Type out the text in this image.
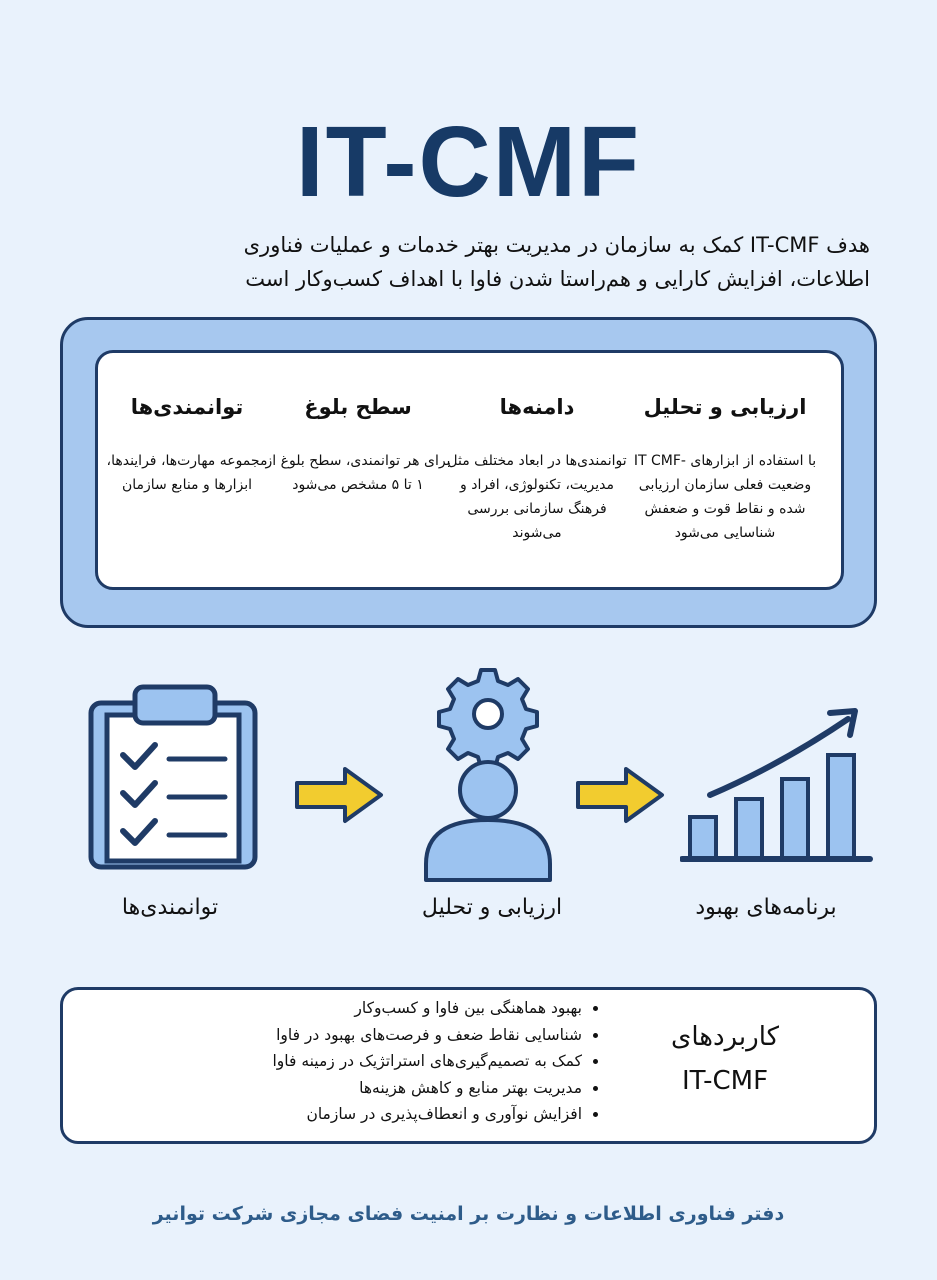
IT-CMF
هدف IT-CMF کمک به سازمان در مدیریت بهتر خدمات و عملیات فناوری
اطلاعات، افزایش کارایی و هم‌راستا شدن فاوا با اهداف کسب‌وکار است
ارزیابی و تحلیل
با استفاده از ابزارهای -IT CMF وضعیت فعلی سازمان ارزیابی شده و نقاط قوت و ضعفش شناسایی می‌شود
دامنه‌ها
توانمندی‌ها در ابعاد مختلف مثل مدیریت، تکنولوژی، افراد و فرهنگ سازمانی بررسی می‌شوند
سطح بلوغ
برای هر توانمندی، سطح بلوغ از ۱ تا ۵ مشخص می‌شود
توانمندی‌ها
مجموعه مهارت‌ها، فرایندها، ابزارها و منابع سازمان
توانمندی‌ها	ارزیابی و تحلیل	برنامه‌های بهبود
کاربردهای
IT-CMF
• بهبود هماهنگی بین فاوا و کسب‌وکار
• شناسایی نقاط ضعف و فرصت‌های بهبود در فاوا
• کمک به تصمیم‌گیری‌های استراتژیک در زمینه فاوا
• مدیریت بهتر منابع و کاهش هزینه‌ها
• افزایش نوآوری و انعطاف‌پذیری در سازمان
دفتر فناوری اطلاعات و نظارت بر امنیت فضای مجازی شرکت توانیر
